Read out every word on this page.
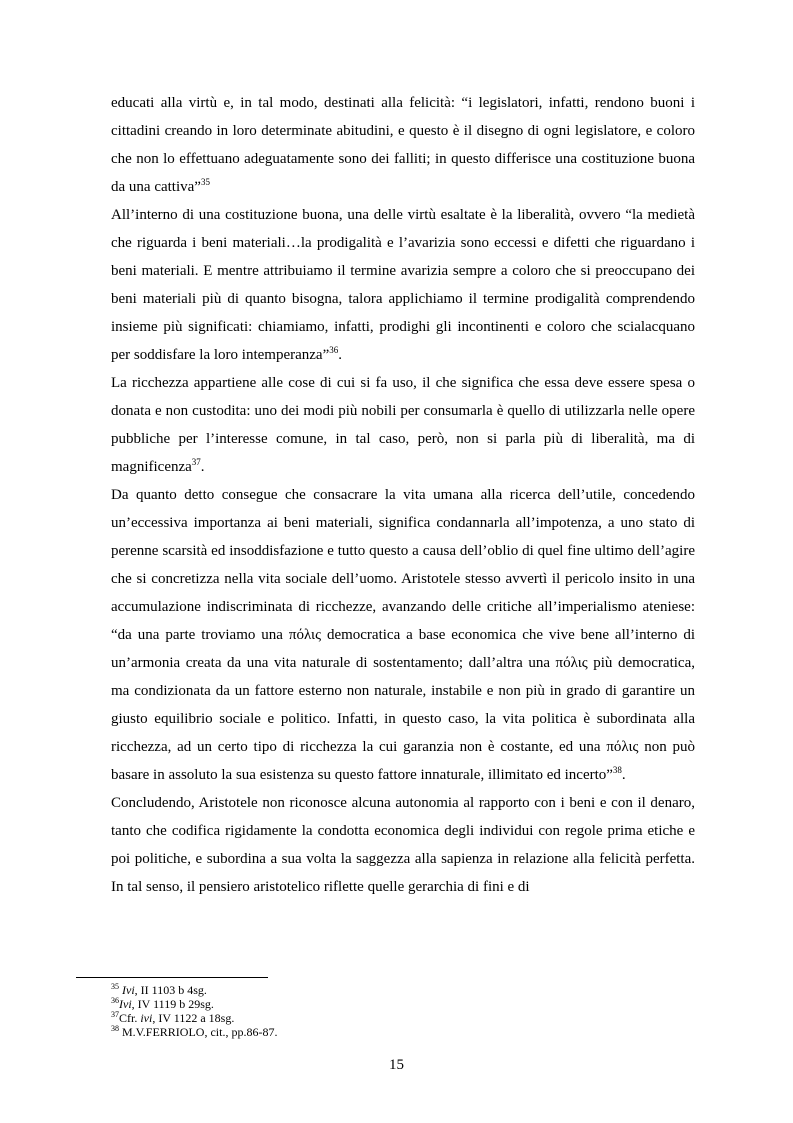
educati alla virtù e, in tal modo, destinati alla felicità: “i legislatori, infatti, rendono buoni i cittadini creando in loro determinate abitudini, e questo è il disegno di ogni legislatore, e coloro che non lo effettuano adeguatamente sono dei falliti; in questo differisce una costituzione buona da una cattiva”$^{35}$

All’interno di una costituzione buona, una delle virtù esaltate è la liberalità, ovvero “la medietà che riguarda i beni materiali…la prodigalità e l’avarizia sono eccessi e difetti che riguardano i beni materiali. E mentre attribuiamo il termine avarizia sempre a coloro che si preoccupano dei beni materiali più di quanto bisogna, talora applichiamo il termine prodigalità comprendendo insieme più significati: chiamiamo, infatti, prodighi gli incontinenti e coloro che scialacquano per soddisfare la loro intemperanza”$^{36}$.

La ricchezza appartiene alle cose di cui si fa uso, il che significa che essa deve essere spesa o donata e non custodita: uno dei modi più nobili per consumarla è quello di utilizzarla nelle opere pubbliche per l’interesse comune, in tal caso, però, non si parla più di liberalità, ma di magnificenza$^{37}$.

Da quanto detto consegue che consacrare la vita umana alla ricerca dell’utile, concedendo un’eccessiva importanza ai beni materiali, significa condannarla all’impotenza, a uno stato di perenne scarsità ed insoddisfazione e tutto questo a causa dell’oblio di quel fine ultimo dell’agire che si concretizza nella vita sociale dell’uomo. Aristotele stesso avvertì il pericolo insito in una accumulazione indiscriminata di ricchezze, avanzando delle critiche all’imperialismo ateniese: “da una parte troviamo una πόλις democratica a base economica che vive bene all’interno di un’armonia creata da una vita naturale di sostentamento; dall’altra una πόλις più democratica, ma condizionata da un fattore esterno non naturale, instabile e non più in grado di garantire un giusto equilibrio sociale e politico. Infatti, in questo caso, la vita politica è subordinata alla ricchezza, ad un certo tipo di ricchezza la cui garanzia non è costante, ed una πόλις non può basare in assoluto la sua esistenza su questo fattore innaturale, illimitato ed incerto”$^{38}$.

Concludendo, Aristotele non riconosce alcuna autonomia al rapporto con i beni e con il denaro, tanto che codifica rigidamente la condotta economica degli individui con regole prima etiche e poi politiche, e subordina a sua volta la saggezza alla sapienza in relazione alla felicità perfetta. In tal senso, il pensiero aristotelico riflette quelle gerarchia di fini e di

$^{35}$ Ivi, II 1103 b 4sg.
$^{36}$Ivi, IV 1119 b 29sg.
$^{37}$Cfr. ivi, IV 1122 a 18sg.
$^{38}$ M.V.FERRIOLO, cit., pp.86-87.
15
